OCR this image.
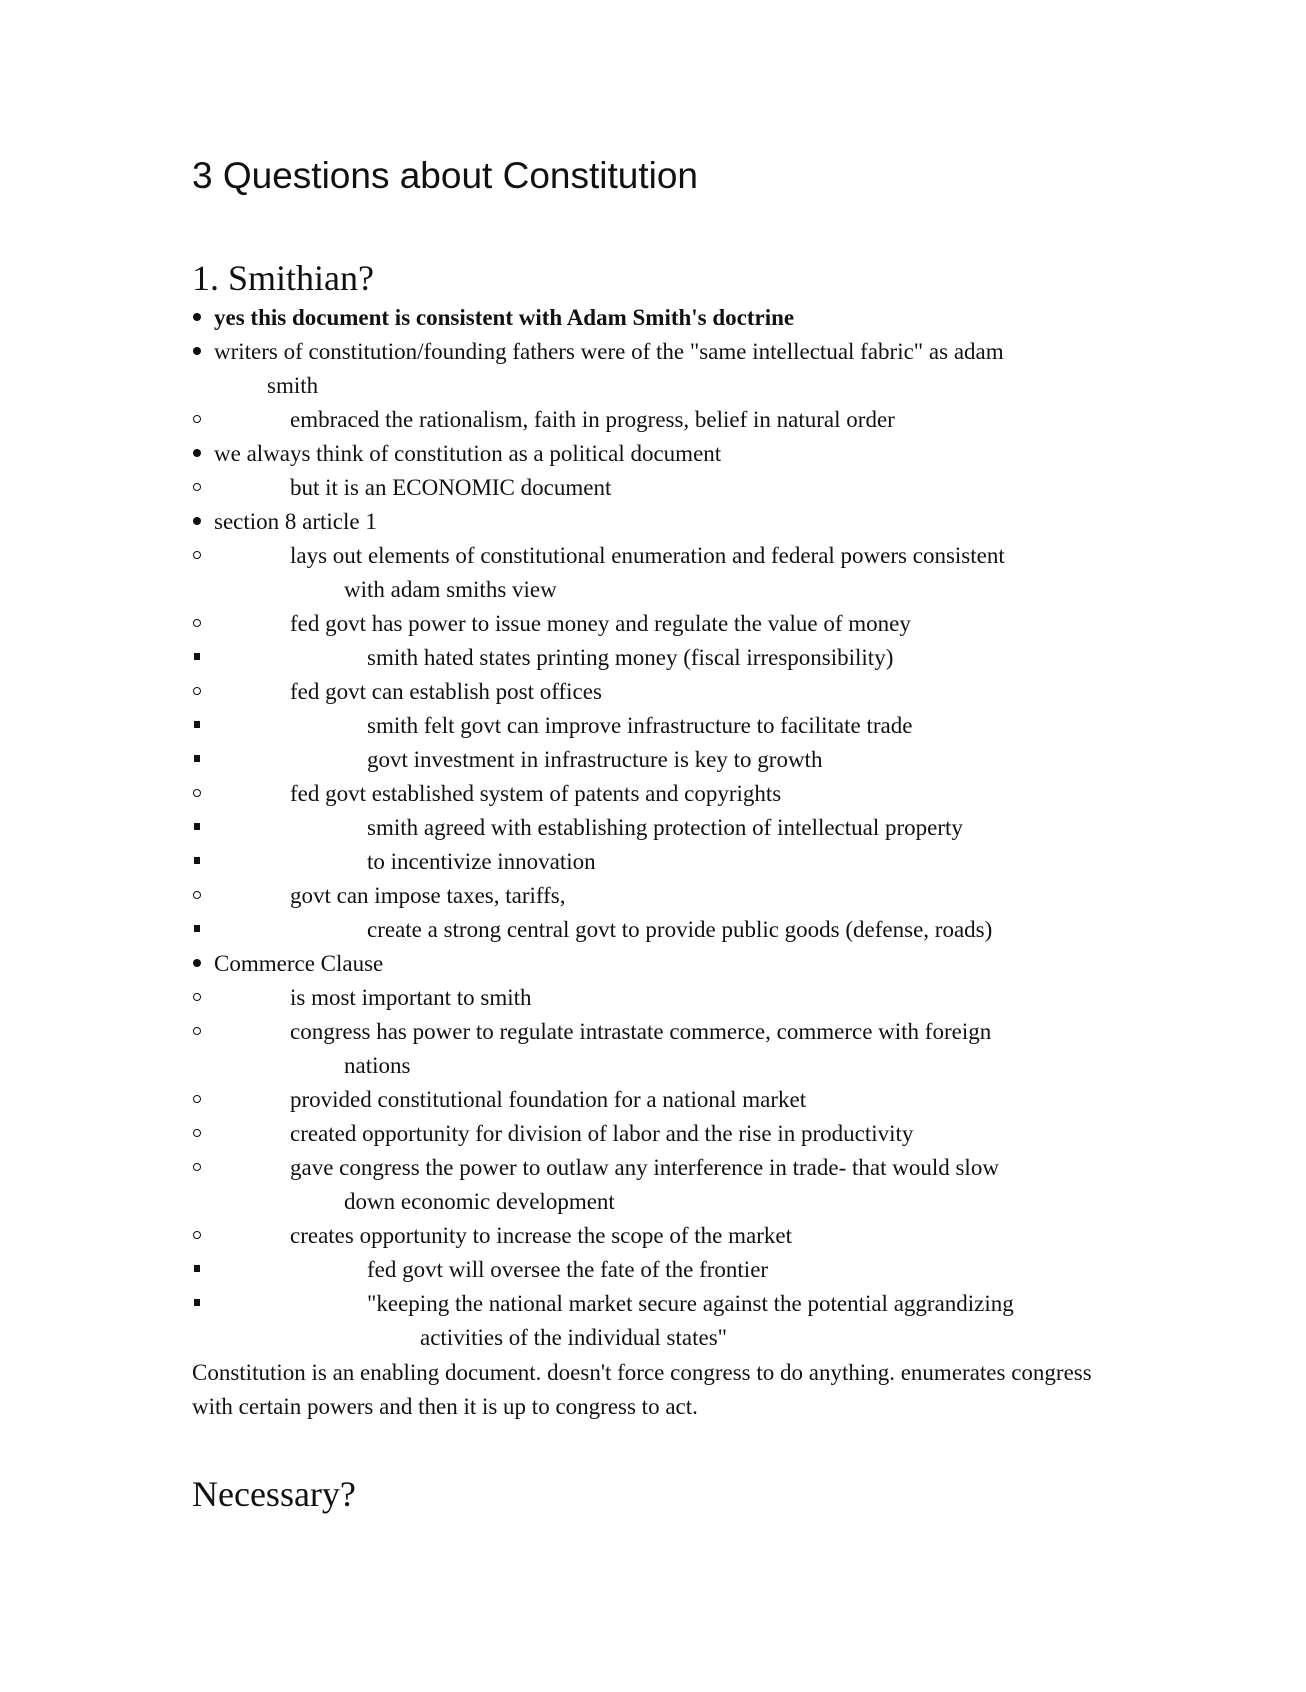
3 Questions about Constitution
1. Smithian?
yes this document is consistent with Adam Smith's doctrine
writers of constitution/founding fathers were of the "same intellectual fabric" as adam
smith
embraced the rationalism, faith in progress, belief in natural order
we always think of constitution as a political document
but it is an ECONOMIC document
section 8 article 1
lays out elements of constitutional enumeration and federal powers consistent
with adam smiths view
fed govt has power to issue money and regulate the value of money
smith hated states printing money (fiscal irresponsibility)
fed govt can establish post offices
smith felt govt can improve infrastructure to facilitate trade
govt investment in infrastructure is key to growth
fed govt established system of patents and copyrights
smith agreed with establishing protection of intellectual property
to incentivize innovation
govt can impose taxes, tariffs,
create a strong central govt to provide public goods (defense, roads)
Commerce Clause
is most important to smith
congress has power to regulate intrastate commerce, commerce with foreign
nations
provided constitutional foundation for a national market
created opportunity for division of labor and the rise in productivity
gave congress the power to outlaw any interference in trade- that would slow
down economic development
creates opportunity to increase the scope of the market
fed govt will oversee the fate of the frontier
"keeping the national market secure against the potential aggrandizing
activities of the individual states"

Constitution is an enabling document. doesn't force congress to do anything. enumerates congress with certain powers and then it is up to congress to act.

Necessary?
